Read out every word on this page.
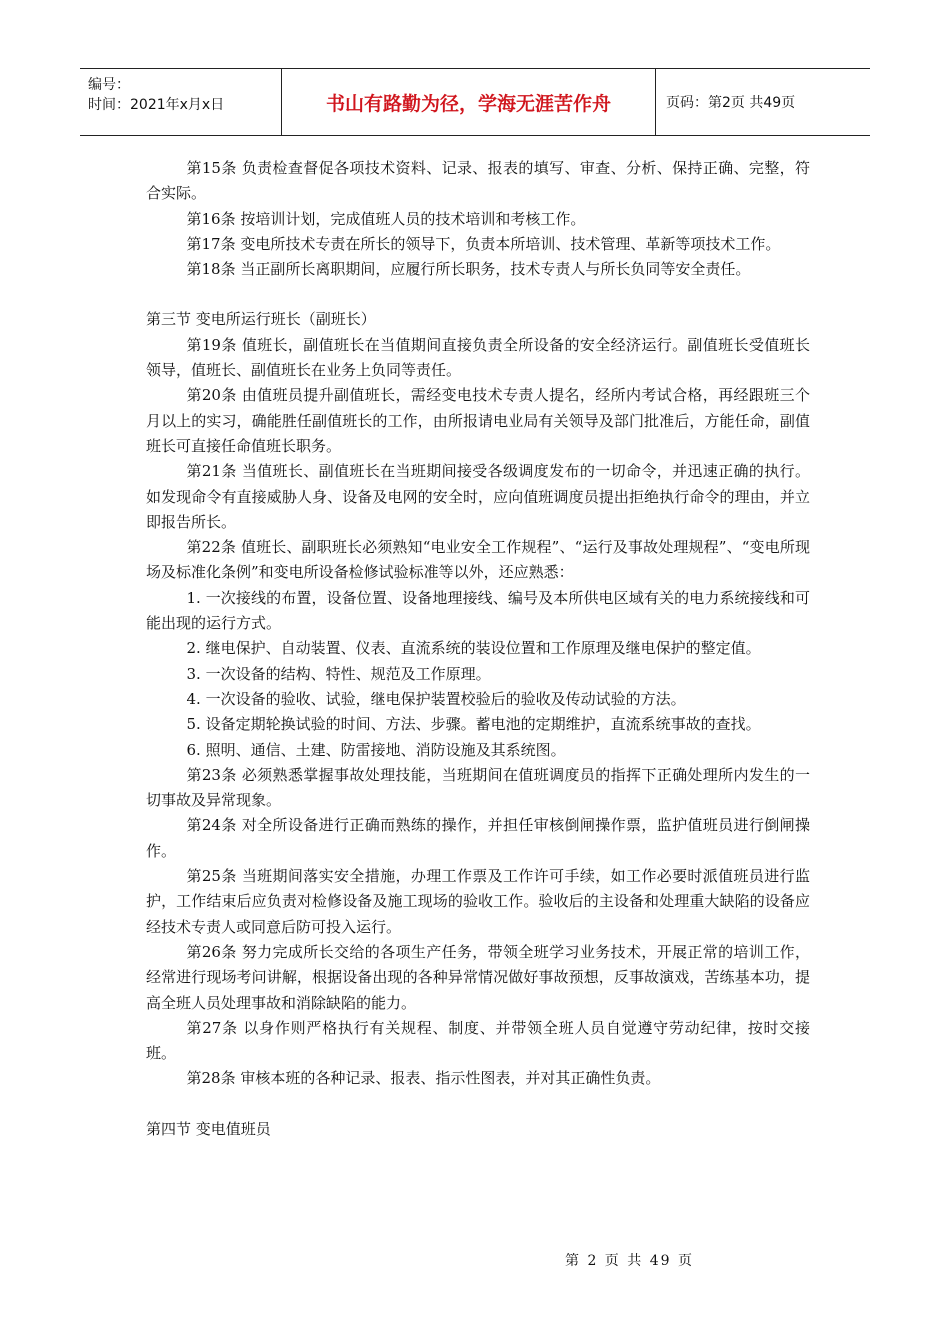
编号：
时间：2021年x月x日	书山有路勤为径，学海无涯苦作舟	页码：第2页 共49页

第15条 负责检查督促各项技术资料、记录、报表的填写、审查、分析、保持正确、完整，符合实际。

第16条 按培训计划，完成值班人员的技术培训和考核工作。

第17条 变电所技术专责在所长的领导下，负责本所培训、技术管理、革新等项技术工作。

第18条 当正副所长离职期间，应履行所长职务，技术专责人与所长负同等安全责任。

第三节 变电所运行班长（副班长）

第19条 值班长，副值班长在当值期间直接负责全所设备的安全经济运行。副值班长受值班长领导，值班长、副值班长在业务上负同等责任。

第20条 由值班员提升副值班长，需经变电技术专责人提名，经所内考试合格，再经跟班三个月以上的实习，确能胜任副值班长的工作，由所报请电业局有关领导及部门批准后，方能任命，副值班长可直接任命值班长职务。

第21条 当值班长、副值班长在当班期间接受各级调度发布的一切命令，并迅速正确的执行。如发现命令有直接威胁人身、设备及电网的安全时，应向值班调度员提出拒绝执行命令的理由，并立即报告所长。

第22条 值班长、副职班长必须熟知“电业安全工作规程”、“运行及事故处理规程”、“变电所现场及标准化条例”和变电所设备检修试验标准等以外，还应熟悉：

1. 一次接线的布置，设备位置、设备地理接线、编号及本所供电区域有关的电力系统接线和可能出现的运行方式。

2. 继电保护、自动装置、仪表、直流系统的装设位置和工作原理及继电保护的整定值。

3. 一次设备的结构、特性、规范及工作原理。

4. 一次设备的验收、试验，继电保护装置校验后的验收及传动试验的方法。

5. 设备定期轮换试验的时间、方法、步骤。蓄电池的定期维护，直流系统事故的查找。

6. 照明、通信、土建、防雷接地、消防设施及其系统图。

第23条 必须熟悉掌握事故处理技能，当班期间在值班调度员的指挥下正确处理所内发生的一切事故及异常现象。

第24条 对全所设备进行正确而熟练的操作，并担任审核倒闸操作票，监护值班员进行倒闸操作。

第25条 当班期间落实安全措施，办理工作票及工作许可手续，如工作必要时派值班员进行监护，工作结束后应负责对检修设备及施工现场的验收工作。验收后的主设备和处理重大缺陷的设备应经技术专责人或同意后防可投入运行。

第26条 努力完成所长交给的各项生产任务，带领全班学习业务技术，开展正常的培训工作，经常进行现场考问讲解，根据设备出现的各种异常情况做好事故预想，反事故演戏，苦练基本功，提高全班人员处理事故和消除缺陷的能力。

第27条 以身作则严格执行有关规程、制度、并带领全班人员自觉遵守劳动纪律，按时交接班。

第28条 审核本班的各种记录、报表、指示性图表，并对其正确性负责。

第四节 变电值班员

第 2 页 共 49 页
